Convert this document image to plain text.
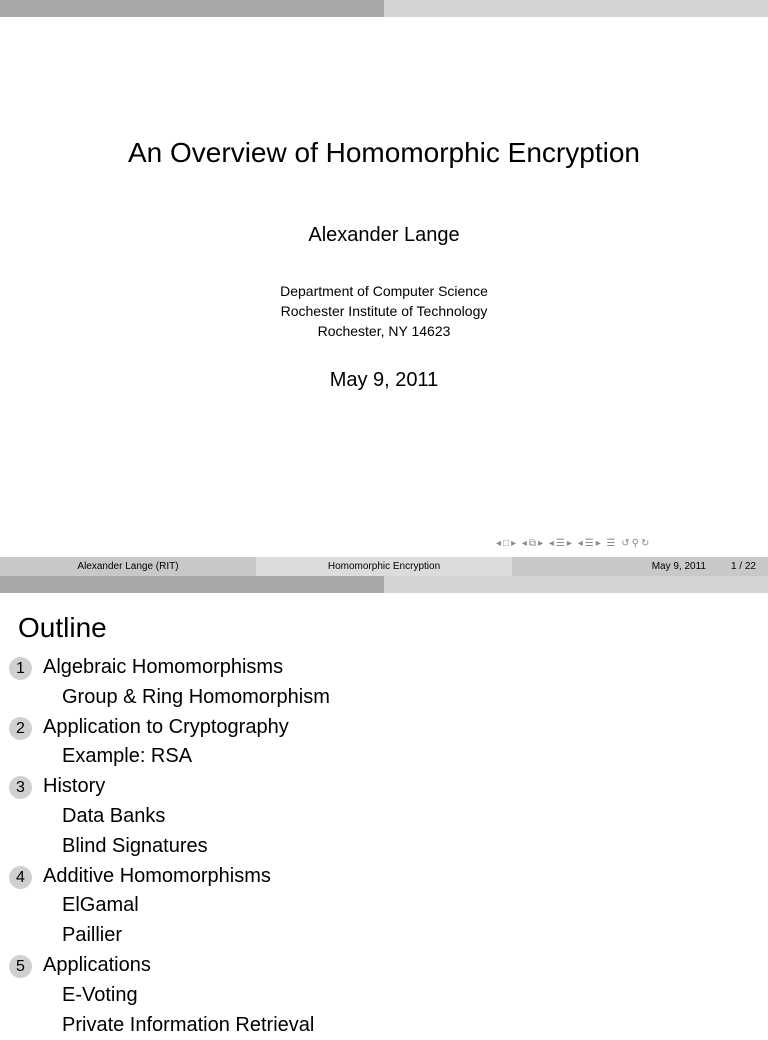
An Overview of Homomorphic Encryption
Alexander Lange
Department of Computer Science
Rochester Institute of Technology
Rochester, NY 14623
May 9, 2011
◂□▸ ◂⧉▸ ◂☰▸ ◂☰▸ ☰ ↺⚲↻
Alexander Lange (RIT)	Homomorphic Encryption	May 9, 2011 1 / 22
Outline
1 Algebraic Homomorphisms
Group & Ring Homomorphism
2 Application to Cryptography
Example: RSA
3 History
Data Banks
Blind Signatures
4 Additive Homomorphisms
ElGamal
Paillier
5 Applications
E-Voting
Private Information Retrieval
